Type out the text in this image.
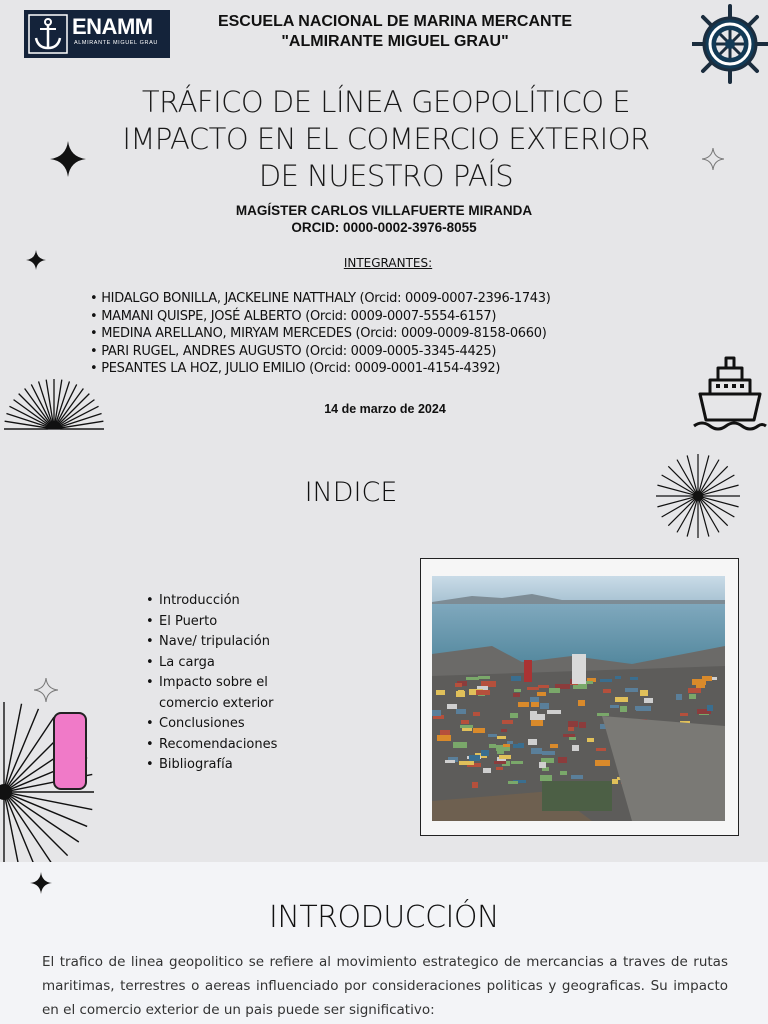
ENAMM
ALMIRANTE MIGUEL GRAU
ESCUELA NACIONAL DE MARINA MERCANTE
"ALMIRANTE MIGUEL GRAU"
TRÁFICO DE LÍNEA GEOPOLÍTICO E
IMPACTO EN EL COMERCIO EXTERIOR
DE NUESTRO PAÍS
MAGÍSTER CARLOS VILLAFUERTE MIRANDA
ORCID: 0000-0002-3976-8055
INTEGRANTES:
• HIDALGO BONILLA, JACKELINE NATTHALY (Orcid: 0009-0007-2396-1743)
• MAMANI QUISPE, JOSÉ ALBERTO (Orcid: 0009-0007-5554-6157)
• MEDINA ARELLANO, MIRYAM MERCEDES (Orcid: 0009-0009-8158-0660)
• PARI RUGEL, ANDRES AUGUSTO (Orcid: 0009-0005-3345-4425)
• PESANTES LA HOZ, JULIO EMILIO (Orcid: 0009-0001-4154-4392)
14 de marzo de 2024
INDICE
• Introducción
• El Puerto
• Nave/ tripulación
• La carga
• Impacto sobre el comercio exterior
• Conclusiones
• Recomendaciones
• Bibliografía
INTRODUCCIÓN
El trafico de linea geopolitico se refiere al movimiento estrategico de mercancias a traves de rutas maritimas, terrestres o aereas influenciado por consideraciones politicas y geograficas. Su impacto en el comercio exterior de un pais puede ser significativo:
